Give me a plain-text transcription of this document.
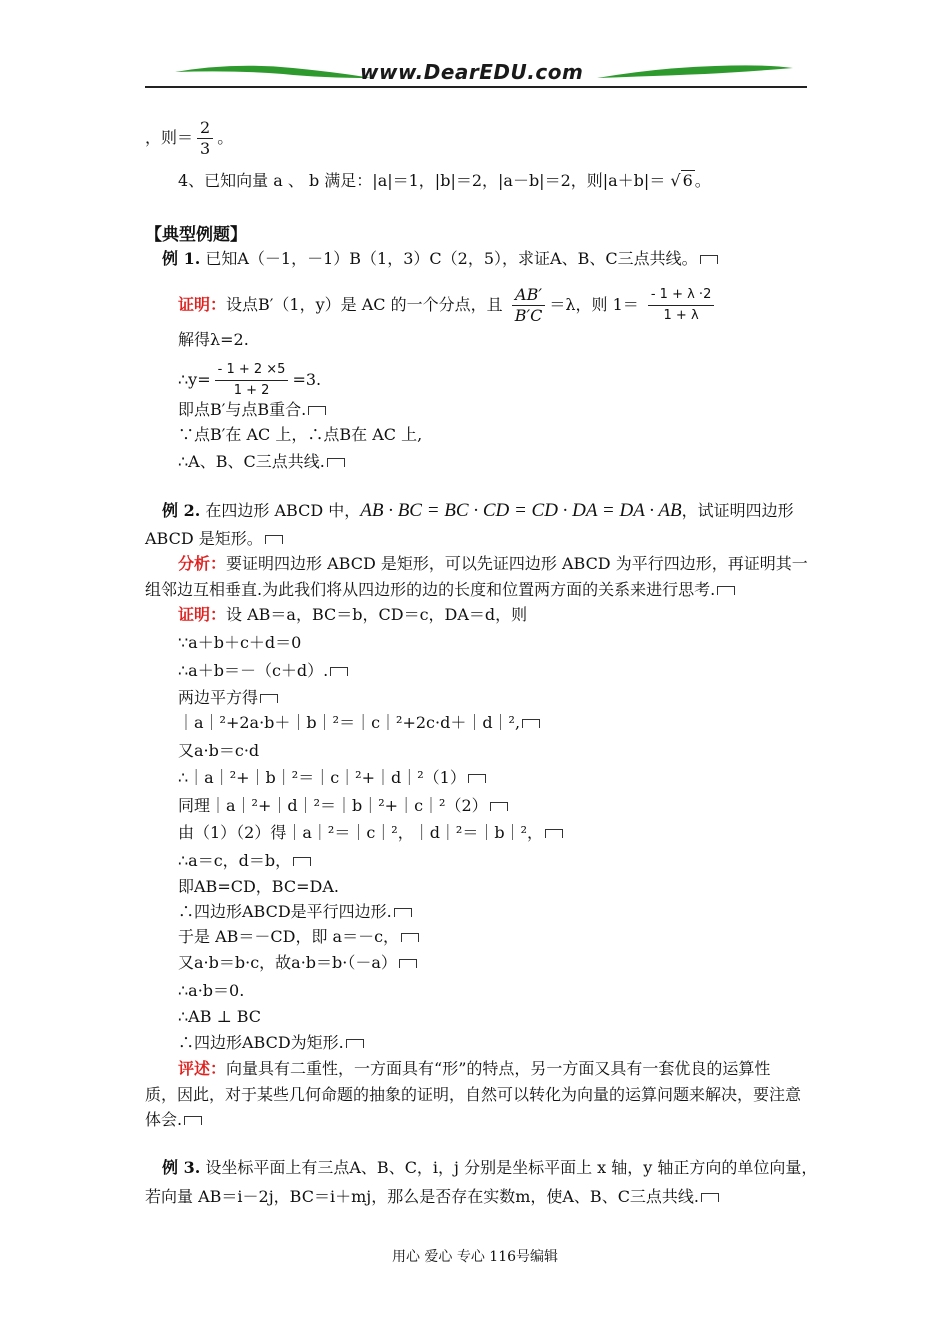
www.DearEDU.com
，则＝ $\frac{2}{3}$ 。
4、已知向量 a 、 b 满足：|a|＝1，|b|＝2，|a－b|＝2，则|a＋b|＝ √ 6 。
【典型例题】
例 1. 已知A（－1，－1）B（1，3）C（2，5），求证A、B、C三点共线。
证明：设点B′（1，y）是 AC 的一个分点，且 $\frac{AB'}{B'C} =\lambda$，则 $1= \frac{- 1 + \lambda \cdot 2}{1 + \lambda}$
解得λ=2.
∴y= $\frac{- 1 + 2 \times 5}{1 + 2} =3$.
即点B′与点B重合.
∵点B′在 AC 上，∴点B在 AC 上,
∴A、B、C三点共线.
例 2. 在四边形 ABCD 中，AB · BC = BC · CD = CD · DA = DA · AB，试证明四边形
ABCD 是矩形。
分析：要证明四边形 ABCD 是矩形，可以先证四边形 ABCD 为平行四边形，再证明其一
组邻边互相垂直.为此我们将从四边形的边的长度和位置两方面的关系来进行思考.
证明：设 AB＝a，BC＝b，CD＝c，DA＝d，则
∵a＋b＋c＋d＝0
∴a＋b＝－（c＋d）.
两边平方得
｜a｜²+2a·b＋｜b｜²＝｜c｜²+2c·d＋｜d｜²,
又a·b＝c·d
∴｜a｜²+｜b｜²＝｜c｜²+｜d｜²（1）
同理｜a｜²+｜d｜²＝｜b｜²+｜c｜²（2）
由（1）（2）得｜a｜²＝｜c｜²，｜d｜²＝｜b｜²，
∴a＝c，d＝b，
即AB=CD，BC=DA.
∴四边形ABCD是平行四边形.
于是 AB＝－CD，即 a＝－c，
又a·b＝b·c，故a·b＝b·（－a）
∴a·b＝0.
∴AB ⊥ BC
∴四边形ABCD为矩形.
评述：向量具有二重性，一方面具有“形”的特点，另一方面又具有一套优良的运算性
质，因此，对于某些几何命题的抽象的证明，自然可以转化为向量的运算问题来解决，要注意
体会.
例 3. 设坐标平面上有三点A、B、C，i，j 分别是坐标平面上 x 轴，y 轴正方向的单位向量，
若向量 AB＝i－2j，BC＝i＋mj，那么是否存在实数m，使A、B、C三点共线.
用心 爱心 专心 116号编辑
